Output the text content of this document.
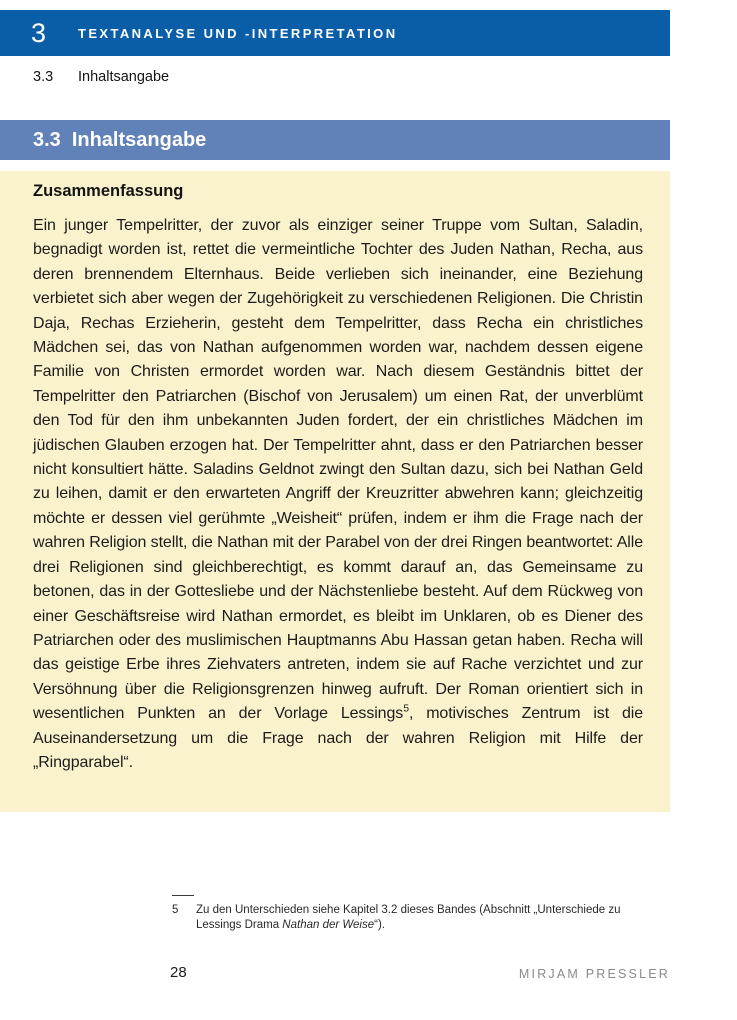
3	TEXTANALYSE UND -INTERPRETATION
3.3	Inhaltsangabe
3.3 Inhaltsangabe
Zusammenfassung

Ein junger Tempelritter, der zuvor als einziger seiner Truppe vom Sultan, Saladin, begnadigt worden ist, rettet die vermeintliche Tochter des Juden Nathan, Recha, aus deren brennendem Elternhaus. Beide verlieben sich ineinander, eine Beziehung verbietet sich aber wegen der Zugehörigkeit zu verschiedenen Religionen. Die Christin Daja, Rechas Erzieherin, gesteht dem Tempelritter, dass Recha ein christliches Mädchen sei, das von Nathan aufgenommen worden war, nachdem dessen eigene Familie von Christen ermordet worden war. Nach diesem Geständnis bittet der Tempelritter den Patriarchen (Bischof von Jerusalem) um einen Rat, der unverblümt den Tod für den ihm unbekannten Juden fordert, der ein christliches Mädchen im jüdischen Glauben erzogen hat. Der Tempelritter ahnt, dass er den Patriarchen besser nicht konsultiert hätte. Saladins Geldnot zwingt den Sultan dazu, sich bei Nathan Geld zu leihen, damit er den erwarteten Angriff der Kreuzritter abwehren kann; gleichzeitig möchte er dessen viel gerühmte „Weisheit“ prüfen, indem er ihm die Frage nach der wahren Religion stellt, die Nathan mit der Parabel von der drei Ringen beantwortet: Alle drei Religionen sind gleichberechtigt, es kommt darauf an, das Gemeinsame zu betonen, das in der Gottesliebe und der Nächstenliebe besteht. Auf dem Rückweg von einer Geschäftsreise wird Nathan ermordet, es bleibt im Unklaren, ob es Diener des Patriarchen oder des muslimischen Hauptmanns Abu Hassan getan haben. Recha will das geistige Erbe ihres Ziehvaters antreten, indem sie auf Rache verzichtet und zur Versöhnung über die Religionsgrenzen hinweg aufruft. Der Roman orientiert sich in wesentlichen Punkten an der Vorlage Lessings$^5$, motivisches Zentrum ist die Auseinandersetzung um die Frage nach der wahren Religion mit Hilfe der „Ringparabel“.

5	Zu den Unterschieden siehe Kapitel 3.2 dieses Bandes (Abschnitt „Unterschiede zu Lessings Drama Nathan der Weise“).
28	MIRJAM PRESSLER
